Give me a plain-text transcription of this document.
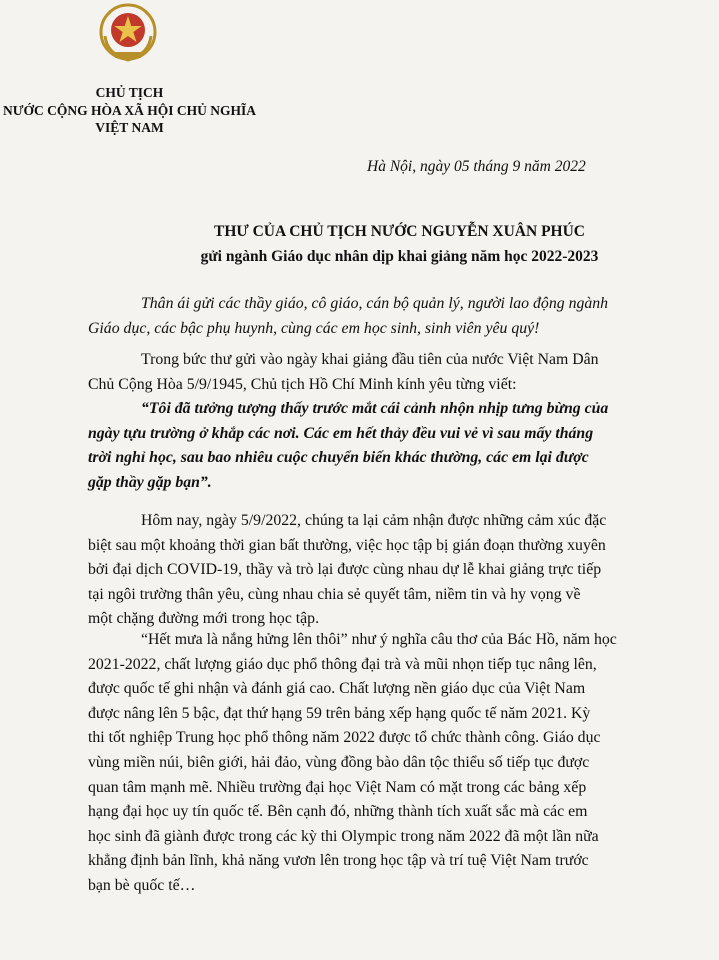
CHỦ TỊCH
NƯỚC CỘNG HÒA XÃ HỘI CHỦ NGHĨA
VIỆT NAM
Hà Nội, ngày 05 tháng 9 năm 2022
THƯ CỦA CHỦ TỊCH NƯỚC NGUYỄN XUÂN PHÚC
gửi ngành Giáo dục nhân dịp khai giảng năm học 2022-2023
Thân ái gửi các thầy giáo, cô giáo, cán bộ quản lý, người lao động ngành
Giáo dục, các bậc phụ huynh, cùng các em học sinh, sinh viên yêu quý!
Trong bức thư gửi vào ngày khai giảng đầu tiên của nước Việt Nam Dân
Chủ Cộng Hòa 5/9/1945, Chủ tịch Hồ Chí Minh kính yêu từng viết:
“Tôi đã tưởng tượng thấy trước mắt cái cảnh nhộn nhịp tưng bừng của
ngày tựu trường ở khắp các nơi. Các em hết thảy đều vui vẻ vì sau mấy tháng
trời nghỉ học, sau bao nhiêu cuộc chuyển biến khác thường, các em lại được
gặp thầy gặp bạn”.
Hôm nay, ngày 5/9/2022, chúng ta lại cảm nhận được những cảm xúc đặc
biệt sau một khoảng thời gian bất thường, việc học tập bị gián đoạn thường xuyên
bởi đại dịch COVID-19, thầy và trò lại được cùng nhau dự lễ khai giảng trực tiếp
tại ngôi trường thân yêu, cùng nhau chia sẻ quyết tâm, niềm tin và hy vọng về
một chặng đường mới trong học tập.
“Hết mưa là nắng hửng lên thôi” như ý nghĩa câu thơ của Bác Hồ, năm học
2021-2022, chất lượng giáo dục phổ thông đại trà và mũi nhọn tiếp tục nâng lên,
được quốc tế ghi nhận và đánh giá cao. Chất lượng nền giáo dục của Việt Nam
được nâng lên 5 bậc, đạt thứ hạng 59 trên bảng xếp hạng quốc tế năm 2021. Kỳ
thi tốt nghiệp Trung học phổ thông năm 2022 được tổ chức thành công. Giáo dục
vùng miền núi, biên giới, hải đảo, vùng đồng bào dân tộc thiểu số tiếp tục được
quan tâm mạnh mẽ. Nhiều trường đại học Việt Nam có mặt trong các bảng xếp
hạng đại học uy tín quốc tế. Bên cạnh đó, những thành tích xuất sắc mà các em
học sinh đã giành được trong các kỳ thi Olympic trong năm 2022 đã một lần nữa
khẳng định bản lĩnh, khả năng vươn lên trong học tập và trí tuệ Việt Nam trước
bạn bè quốc tế…
